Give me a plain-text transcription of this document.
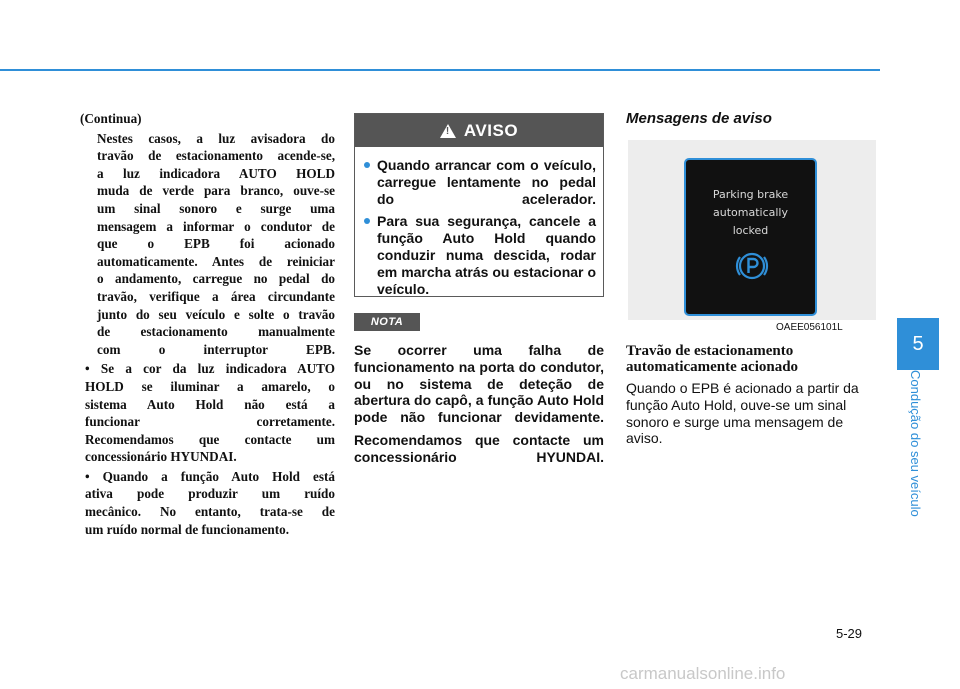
(Continua)

Nestes casos, a luz avisadora do
travão de estacionamento acende-se,
a luz indicadora AUTO HOLD
muda de verde para branco, ouve-se
um sinal sonoro e surge uma
mensagem a informar o condutor de
que o EPB foi acionado
automaticamente. Antes de reiniciar
o andamento, carregue no pedal do
travão, verifique a área circundante
junto do seu veículo e solte o travão
de estacionamento manualmente
com o interruptor EPB.
• Se a cor da luz indicadora AUTO
HOLD se iluminar a amarelo, o
sistema Auto Hold não está a
funcionar corretamente.
Recomendamos que contacte um
concessionário HYUNDAI.
• Quando a função Auto Hold está
ativa pode produzir um ruído
mecânico. No entanto, trata-se de
um ruído normal de funcionamento.
!
AVISO
Quando arrancar com o veículo, carregue lentamente no pedal do acelerador.
Para sua segurança, cancele a função Auto Hold quando conduzir numa descida, rodar em marcha atrás ou estacionar o veículo.
NOTA

Se ocorrer uma falha de funcionamento na porta do condutor, ou no sistema de deteção de abertura do capô, a função Auto Hold pode não funcionar devidamente.

Recomendamos que contacte um concessionário HYUNDAI.

Mensagens de aviso
Parking brake
automatically
locked
OAEE056101L
Travão de estacionamento automaticamente acionado
Quando o EPB é acionado a partir da função Auto Hold, ouve-se um sinal sonoro e surge uma mensagem de aviso.
5
Condução do seu veículo
5-29
carmanualsonline.info
